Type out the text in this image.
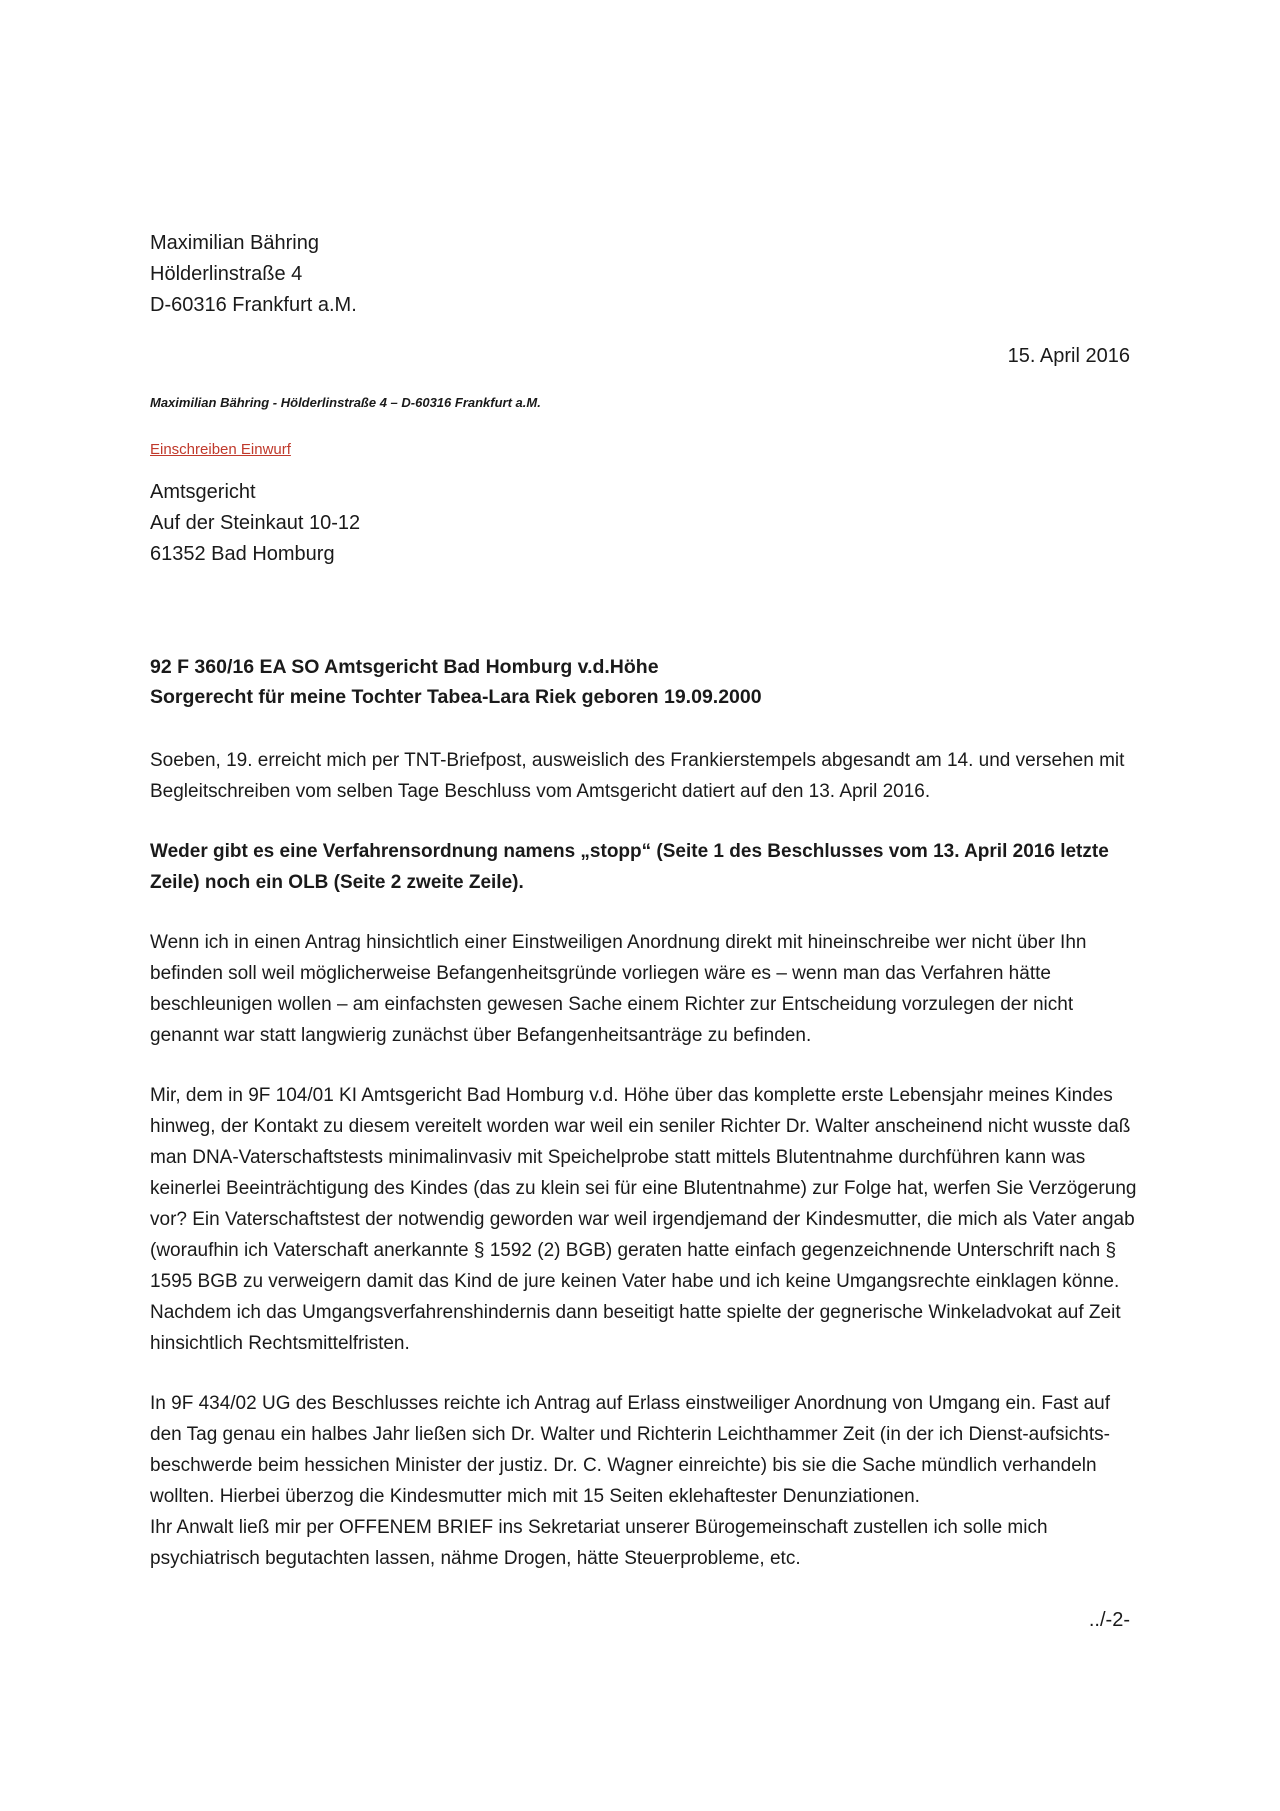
Maximilian Bähring
Hölderlinstraße 4
D-60316 Frankfurt a.M.
15. April 2016
Maximilian Bähring - Hölderlinstraße 4 – D-60316 Frankfurt a.M.
Einschreiben Einwurf
Amtsgericht
Auf der Steinkaut 10-12
61352 Bad Homburg
92 F 360/16 EA SO Amtsgericht Bad Homburg v.d.Höhe
Sorgerecht für meine Tochter Tabea-Lara Riek geboren 19.09.2000

Soeben, 19. erreicht mich per TNT-Briefpost, ausweislich des Frankierstempels abgesandt am 14. und versehen mit Begleitschreiben vom selben Tage Beschluss vom Amtsgericht datiert auf den 13. April 2016.

Weder gibt es eine Verfahrensordnung namens „stopp“ (Seite 1 des Beschlusses vom 13. April 2016 letzte Zeile) noch ein OLB (Seite 2 zweite Zeile).

Wenn ich in einen Antrag hinsichtlich einer Einstweiligen Anordnung direkt mit hineinschreibe wer nicht über Ihn befinden soll weil möglicherweise Befangenheitsgründe vorliegen wäre es – wenn man das Verfahren hätte beschleunigen wollen – am einfachsten gewesen Sache einem Richter zur Entscheidung vorzulegen der nicht genannt war statt langwierig zunächst über Befangenheitsanträge zu befinden.

Mir, dem in 9F 104/01 KI Amtsgericht Bad Homburg v.d. Höhe über das komplette erste Lebensjahr meines Kindes hinweg, der Kontakt zu diesem vereitelt worden war weil ein seniler Richter Dr. Walter anscheinend nicht wusste daß man DNA-Vaterschaftstests minimalinvasiv mit Speichelprobe statt mittels Blutentnahme durchführen kann was keinerlei Beeinträchtigung des Kindes (das zu klein sei für eine Blutentnahme) zur Folge hat, werfen Sie Verzögerung vor? Ein Vaterschaftstest der notwendig geworden war weil irgendjemand der Kindesmutter, die mich als Vater angab (woraufhin ich Vaterschaft anerkannte § 1592 (2) BGB) geraten hatte einfach gegenzeichnende Unterschrift nach § 1595 BGB zu verweigern damit das Kind de jure keinen Vater habe und ich keine Umgangsrechte einklagen könne. Nachdem ich das Umgangsverfahrenshindernis dann beseitigt hatte spielte der gegnerische Winkeladvokat auf Zeit hinsichtlich Rechtsmittelfristen.

In 9F 434/02 UG des Beschlusses reichte ich Antrag auf Erlass einstweiliger Anordnung von Umgang ein. Fast auf den Tag genau ein halbes Jahr ließen sich Dr. Walter und Richterin Leichthammer Zeit (in der ich Dienst-aufsichts-beschwerde beim hessichen Minister der justiz. Dr. C. Wagner einreichte) bis sie die Sache mündlich verhandeln wollten. Hierbei überzog die Kindesmutter mich mit 15 Seiten eklehaftester Denunziationen.

Ihr Anwalt ließ mir per OFFENEM BRIEF ins Sekretariat unserer Bürogemeinschaft zustellen ich solle mich psychiatrisch begutachten lassen, nähme Drogen, hätte Steuerprobleme, etc.

../-2-
